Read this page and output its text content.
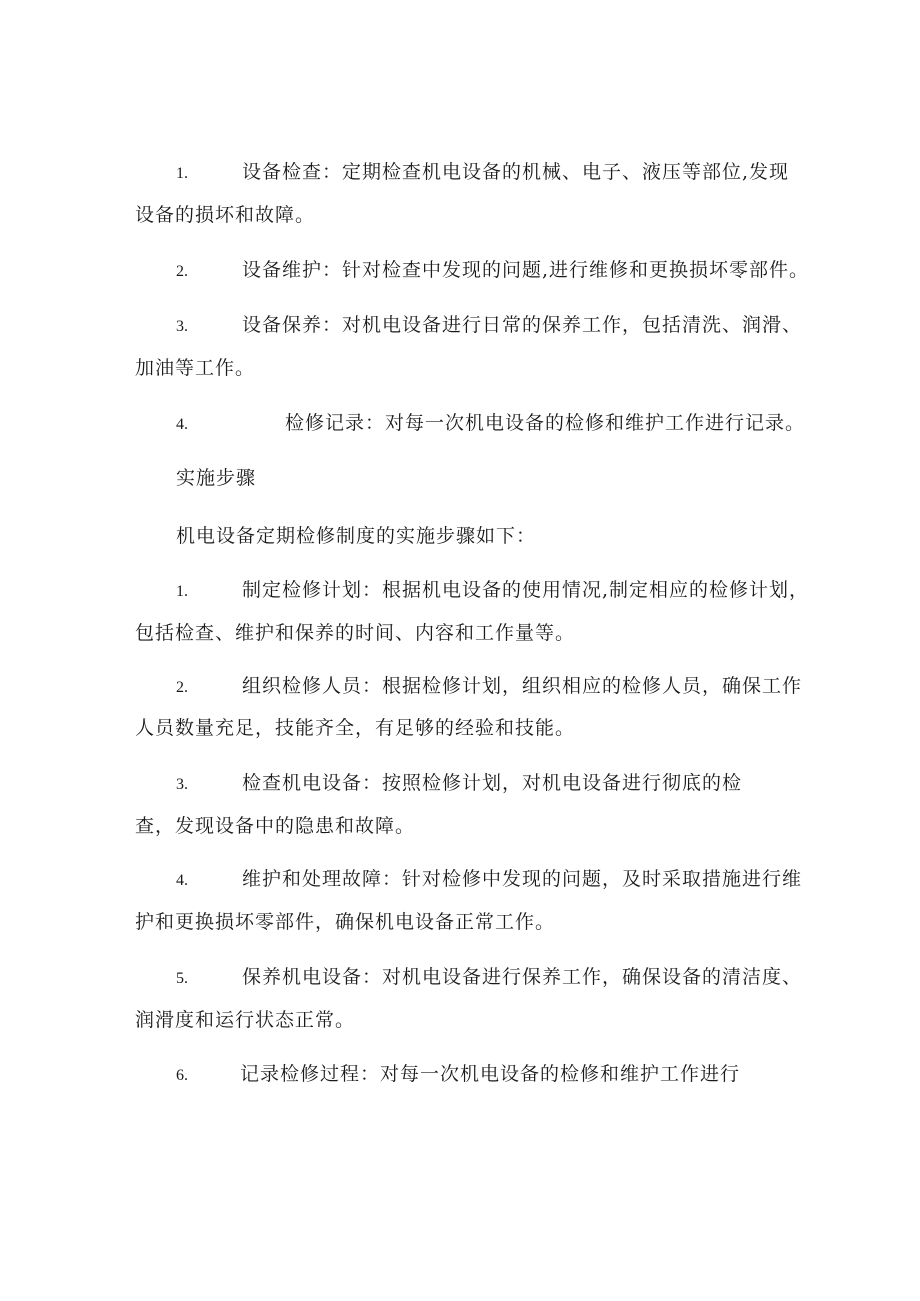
1.	设备检查：定期检查机电设备的机械、电子、液压等部位,发现
设备的损坏和故障。
2.	设备维护：针对检查中发现的问题,进行维修和更换损坏零部件。
3.	设备保养：对机电设备进行日常的保养工作，包括清洗、润滑、
加油等工作。
4.	检修记录：对每一次机电设备的检修和维护工作进行记录。
实施步骤
机电设备定期检修制度的实施步骤如下：
1.	制定检修计划：根据机电设备的使用情况,制定相应的检修计划，
包括检查、维护和保养的时间、内容和工作量等。
2.	组织检修人员：根据检修计划，组织相应的检修人员，确保工作
人员数量充足，技能齐全，有足够的经验和技能。
3.	检查机电设备：按照检修计划，对机电设备进行彻底的检
查，发现设备中的隐患和故障。
4.	维护和处理故障：针对检修中发现的问题，及时采取措施进行维
护和更换损坏零部件，确保机电设备正常工作。
5.	保养机电设备：对机电设备进行保养工作，确保设备的清洁度、
润滑度和运行状态正常。
6.	记录检修过程：对每一次机电设备的检修和维护工作进行
